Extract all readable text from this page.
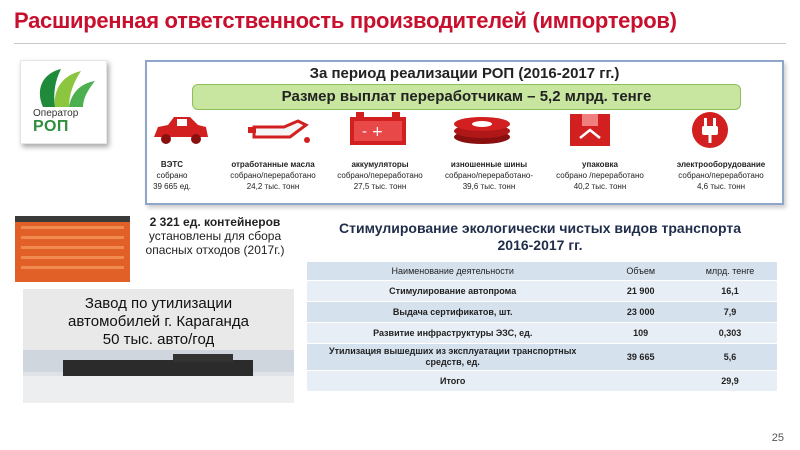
Расширенная ответственность производителей (импортеров)
Оператор
РОП
За период реализации РОП (2016-2017 гг.)
Размер выплат переработчикам – 5,2 млрд. тенге
- +
ВЭТС
собрано
39 665 ед.
отработанные масла
собрано/переработано
24,2 тыс. тонн
аккумуляторы
собрано/переработано
27,5 тыс. тонн
изношенные шины
собрано/переработано-
39,6 тыс. тонн
упаковка
собрано /переработано
40,2 тыс. тонн
электрооборудование
собрано/переработано
4,6 тыс. тонн
2 321 ед. контейнеров
установлены для сбора опасных отходов (2017г.)
Завод по утилизации
автомобилей г. Караганда
50 тыс. авто/год
Стимулирование экологически чистых видов транспорта
2016-2017 гг.
Наименование деятельности	Объем	млрд. тенге
Стимулирование автопрома	21 900	16,1
Выдача сертификатов, шт.	23 000	7,9
Развитие инфраструктуры ЭЗС, ед.	109	0,303
Утилизация вышедших из эксплуатации транспортных средств, ед.	39 665	5,6
Итого		29,9
25
